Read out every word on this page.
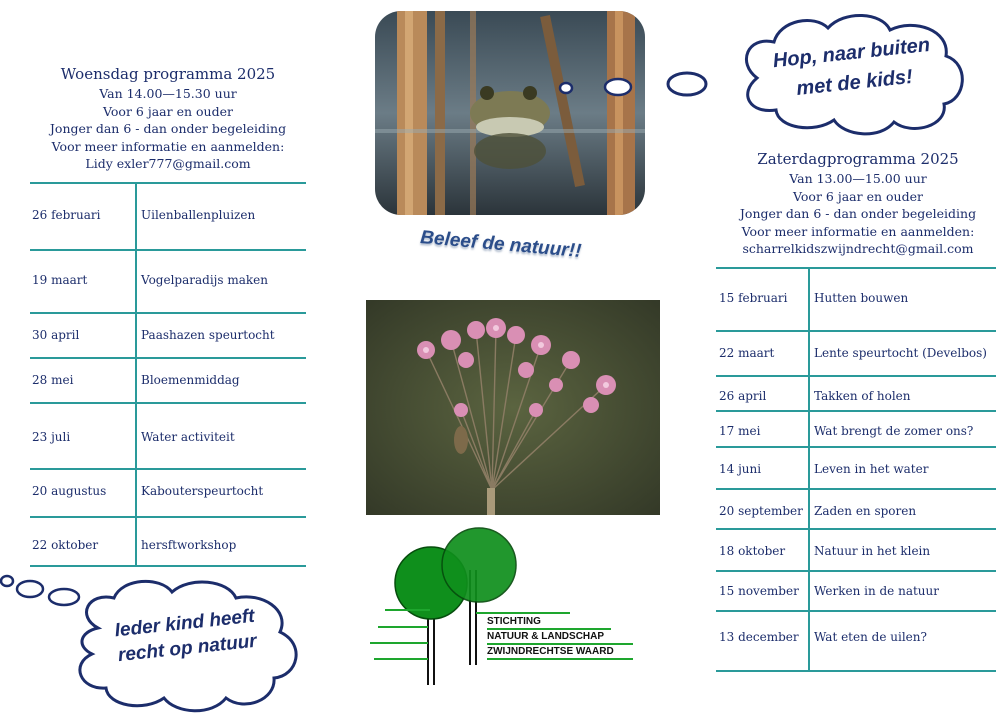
Woensdag programma 2025
Van 14.00—15.30 uur
Voor 6 jaar en ouder
Jonger dan 6 - dan onder begeleiding
Voor meer informatie en aanmelden:
Lidy exler777@gmail.com
26 februari	Uilenballenpluizen
19 maart	Vogelparadijs maken
30 april	Paashazen speurtocht
28 mei	Bloemenmiddag
23 juli	Water activiteit
20 augustus	Kabouterspeurtocht
22 oktober	hersftworkshop
Zaterdagprogramma 2025
Van 13.00—15.00 uur
Voor 6 jaar en ouder
Jonger dan 6 - dan onder begeleiding
Voor meer informatie en aanmelden:
scharrelkidszwijndrecht@gmail.com
15 februari Hutten bouwen
22 maart	Lente speurtocht (Develbos)
26 april	Takken of holen
17 mei	Wat brengt de zomer ons?
14 juni	Leven in het water
20 september Zaden en sporen
18 oktober Natuur in het klein
15 november Werken in de natuur
13 december Wat eten de uilen?
Beleef de natuur!!
Hop, naar buiten
met de kids!
Ieder kind heeft
recht op natuur
STICHTING
NATUUR & LANDSCHAP
ZWIJNDRECHTSE WAARD
